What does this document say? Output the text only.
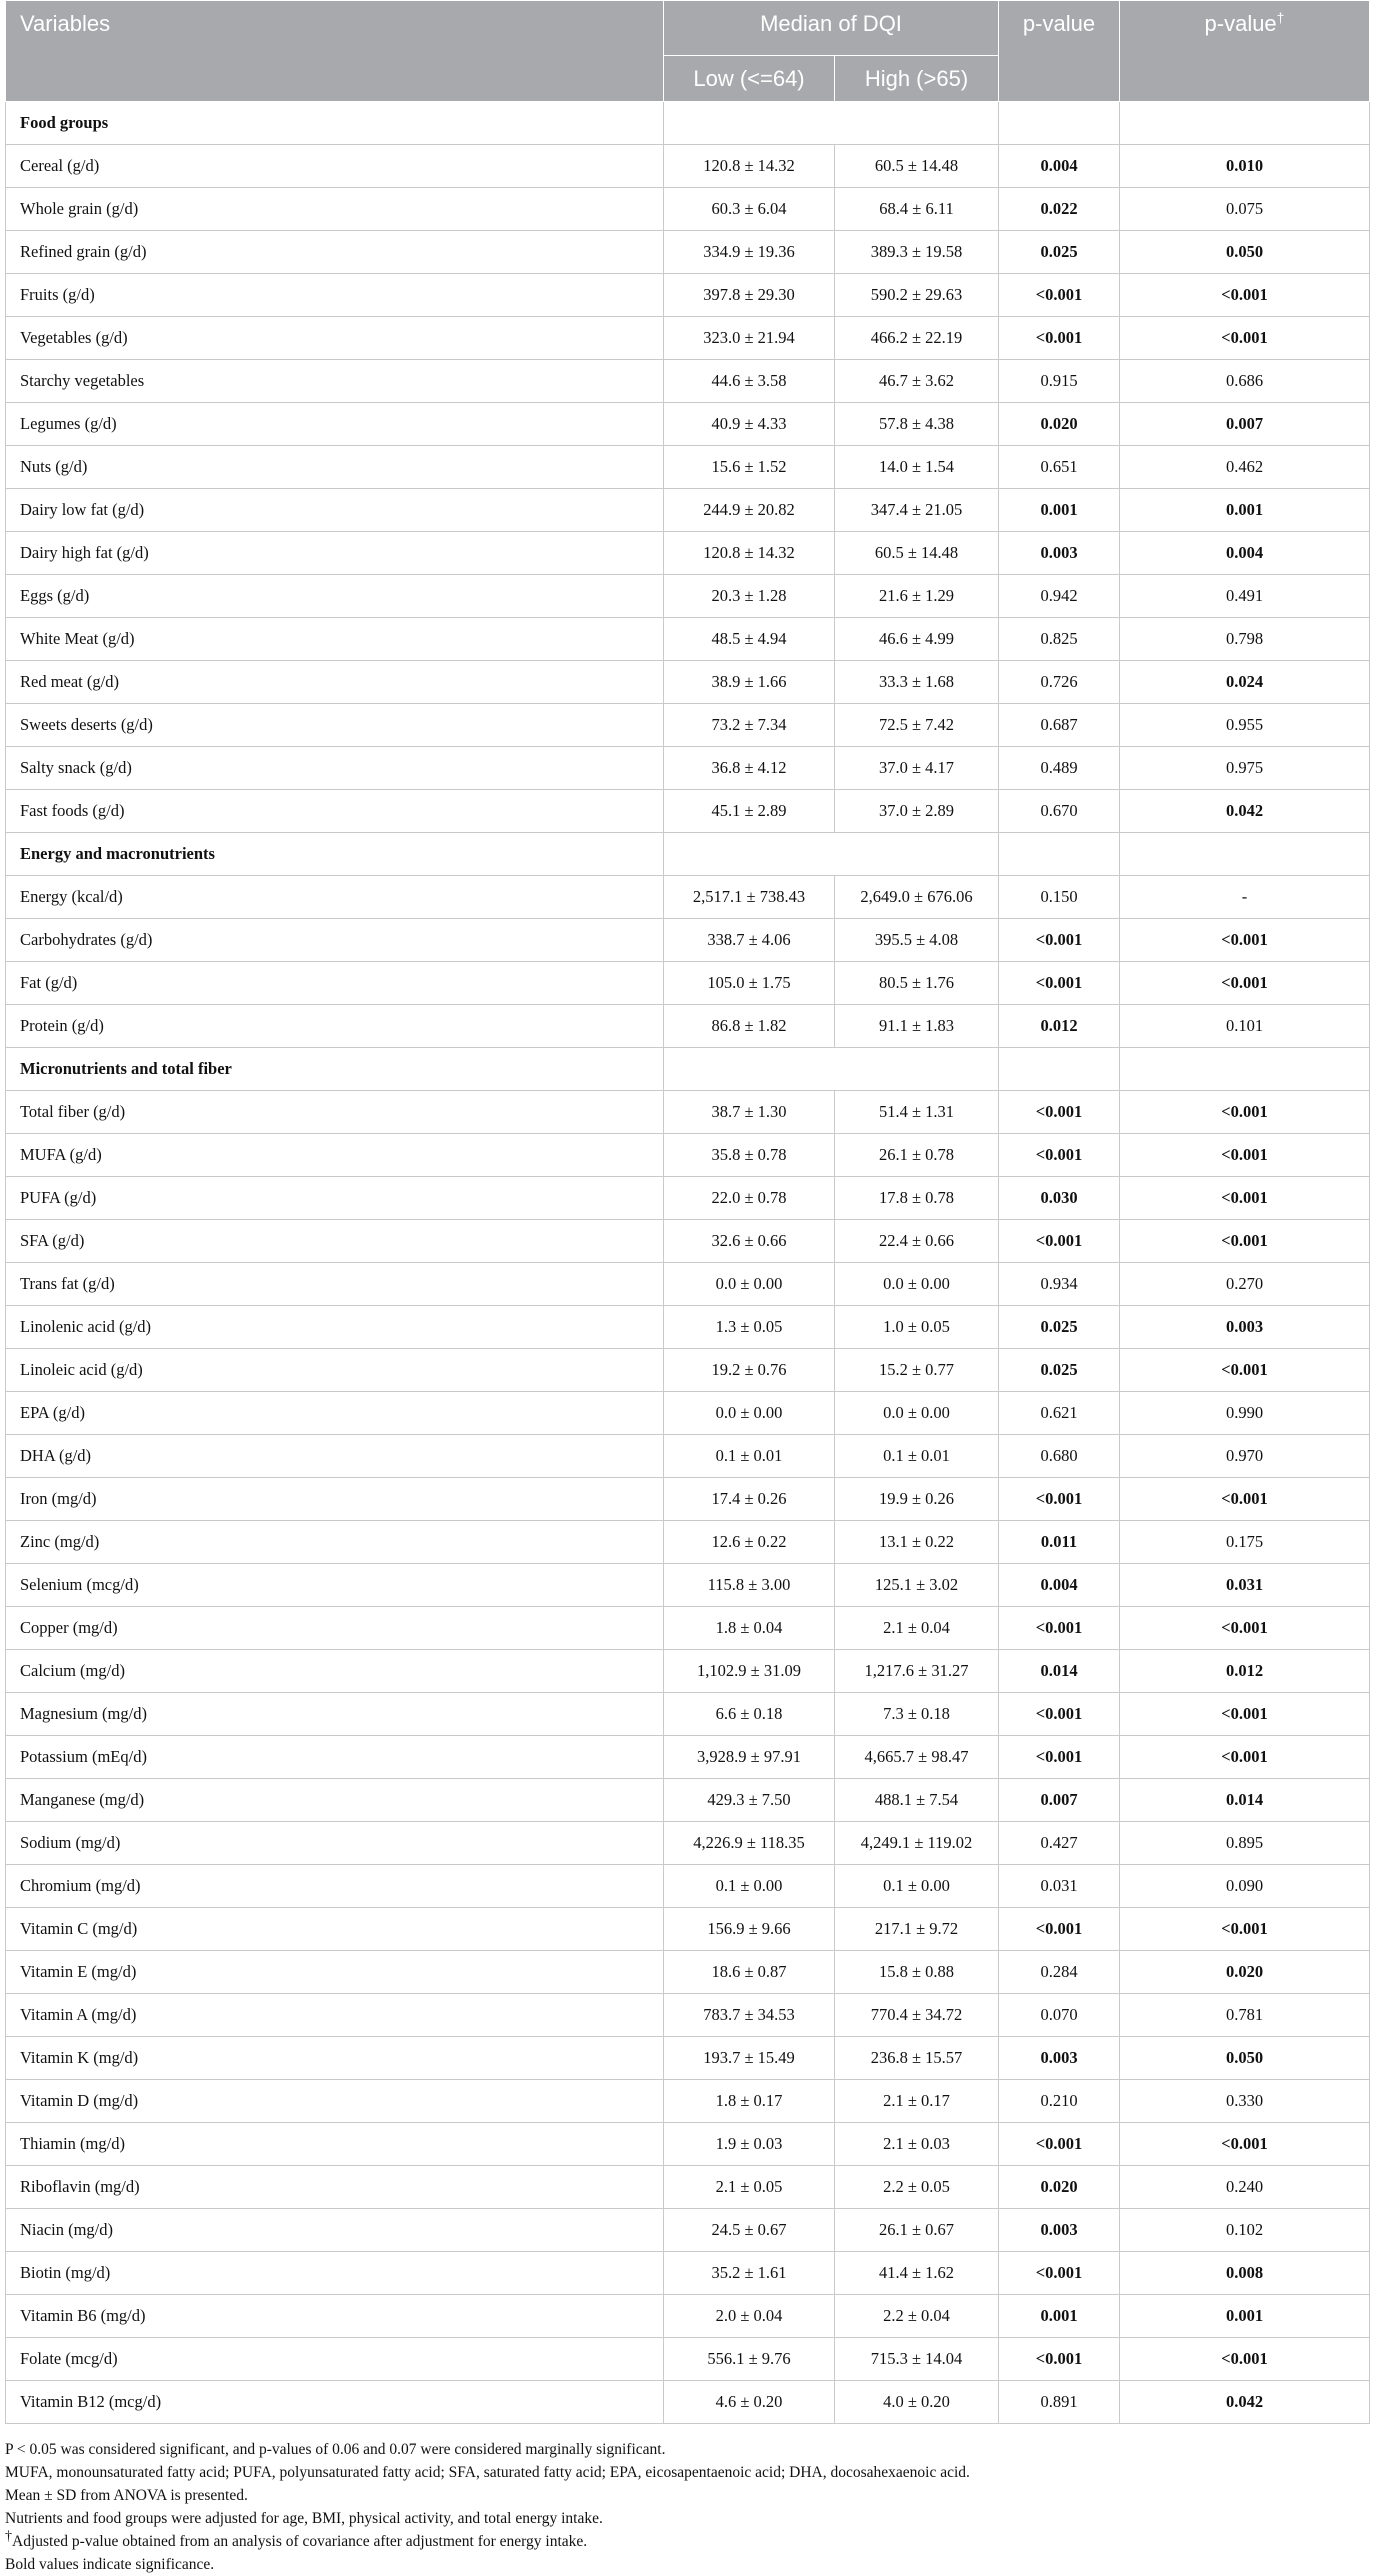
Variables	Median of DQI		p-value	p-value†
	Low (<=64)	High (>65)		
Food groups				
Cereal (g/d)	120.8 ± 14.32	60.5 ± 14.48	0.004	0.010
Whole grain (g/d)	60.3 ± 6.04	68.4 ± 6.11	0.022	0.075
Refined grain (g/d)	334.9 ± 19.36	389.3 ± 19.58	0.025	0.050
Fruits (g/d)	397.8 ± 29.30	590.2 ± 29.63	<0.001	<0.001
Vegetables (g/d)	323.0 ± 21.94	466.2 ± 22.19	<0.001	<0.001
Starchy vegetables	44.6 ± 3.58	46.7 ± 3.62	0.915	0.686
Legumes (g/d)	40.9 ± 4.33	57.8 ± 4.38	0.020	0.007
Nuts (g/d)	15.6 ± 1.52	14.0 ± 1.54	0.651	0.462
Dairy low fat (g/d)	244.9 ± 20.82	347.4 ± 21.05	0.001	0.001
Dairy high fat (g/d)	120.8 ± 14.32	60.5 ± 14.48	0.003	0.004
Eggs (g/d)	20.3 ± 1.28	21.6 ± 1.29	0.942	0.491
White Meat (g/d)	48.5 ± 4.94	46.6 ± 4.99	0.825	0.798
Red meat (g/d)	38.9 ± 1.66	33.3 ± 1.68	0.726	0.024
Sweets deserts (g/d)	73.2 ± 7.34	72.5 ± 7.42	0.687	0.955
Salty snack (g/d)	36.8 ± 4.12	37.0 ± 4.17	0.489	0.975
Fast foods (g/d)	45.1 ± 2.89	37.0 ± 2.89	0.670	0.042
Energy and macronutrients				
Energy (kcal/d)	2,517.1 ± 738.43	2,649.0 ± 676.06	0.150	-
Carbohydrates (g/d)	338.7 ± 4.06	395.5 ± 4.08	<0.001	<0.001
Fat (g/d)	105.0 ± 1.75	80.5 ± 1.76	<0.001	<0.001
Protein (g/d)	86.8 ± 1.82	91.1 ± 1.83	0.012	0.101
Micronutrients and total fiber				
Total fiber (g/d)	38.7 ± 1.30	51.4 ± 1.31	<0.001	<0.001
MUFA (g/d)	35.8 ± 0.78	26.1 ± 0.78	<0.001	<0.001
PUFA (g/d)	22.0 ± 0.78	17.8 ± 0.78	0.030	<0.001
SFA (g/d)	32.6 ± 0.66	22.4 ± 0.66	<0.001	<0.001
Trans fat (g/d)	0.0 ± 0.00	0.0 ± 0.00	0.934	0.270
Linolenic acid (g/d)	1.3 ± 0.05	1.0 ± 0.05	0.025	0.003
Linoleic acid (g/d)	19.2 ± 0.76	15.2 ± 0.77	0.025	<0.001
EPA (g/d)	0.0 ± 0.00	0.0 ± 0.00	0.621	0.990
DHA (g/d)	0.1 ± 0.01	0.1 ± 0.01	0.680	0.970
Iron (mg/d)	17.4 ± 0.26	19.9 ± 0.26	<0.001	<0.001
Zinc (mg/d)	12.6 ± 0.22	13.1 ± 0.22	0.011	0.175
Selenium (mcg/d)	115.8 ± 3.00	125.1 ± 3.02	0.004	0.031
Copper (mg/d)	1.8 ± 0.04	2.1 ± 0.04	<0.001	<0.001
Calcium (mg/d)	1,102.9 ± 31.09	1,217.6 ± 31.27	0.014	0.012
Magnesium (mg/d)	6.6 ± 0.18	7.3 ± 0.18	<0.001	<0.001
Potassium (mEq/d)	3,928.9 ± 97.91	4,665.7 ± 98.47	<0.001	<0.001
Manganese (mg/d)	429.3 ± 7.50	488.1 ± 7.54	0.007	0.014
Sodium (mg/d)	4,226.9 ± 118.35	4,249.1 ± 119.02	0.427	0.895
Chromium (mg/d)	0.1 ± 0.00	0.1 ± 0.00	0.031	0.090
Vitamin C (mg/d)	156.9 ± 9.66	217.1 ± 9.72	<0.001	<0.001
Vitamin E (mg/d)	18.6 ± 0.87	15.8 ± 0.88	0.284	0.020
Vitamin A (mg/d)	783.7 ± 34.53	770.4 ± 34.72	0.070	0.781
Vitamin K (mg/d)	193.7 ± 15.49	236.8 ± 15.57	0.003	0.050
Vitamin D (mg/d)	1.8 ± 0.17	2.1 ± 0.17	0.210	0.330
Thiamin (mg/d)	1.9 ± 0.03	2.1 ± 0.03	<0.001	<0.001
Riboflavin (mg/d)	2.1 ± 0.05	2.2 ± 0.05	0.020	0.240
Niacin (mg/d)	24.5 ± 0.67	26.1 ± 0.67	0.003	0.102
Biotin (mg/d)	35.2 ± 1.61	41.4 ± 1.62	<0.001	0.008
Vitamin B6 (mg/d)	2.0 ± 0.04	2.2 ± 0.04	0.001	0.001
Folate (mcg/d)	556.1 ± 9.76	715.3 ± 14.04	<0.001	<0.001
Vitamin B12 (mcg/d)	4.6 ± 0.20	4.0 ± 0.20	0.891	0.042
P < 0.05 was considered significant, and p-values of 0.06 and 0.07 were considered marginally significant.
MUFA, monounsaturated fatty acid; PUFA, polyunsaturated fatty acid; SFA, saturated fatty acid; EPA, eicosapentaenoic acid; DHA, docosahexaenoic acid.
Mean ± SD from ANOVA is presented.
Nutrients and food groups were adjusted for age, BMI, physical activity, and total energy intake.
†Adjusted p-value obtained from an analysis of covariance after adjustment for energy intake.
Bold values indicate significance.
